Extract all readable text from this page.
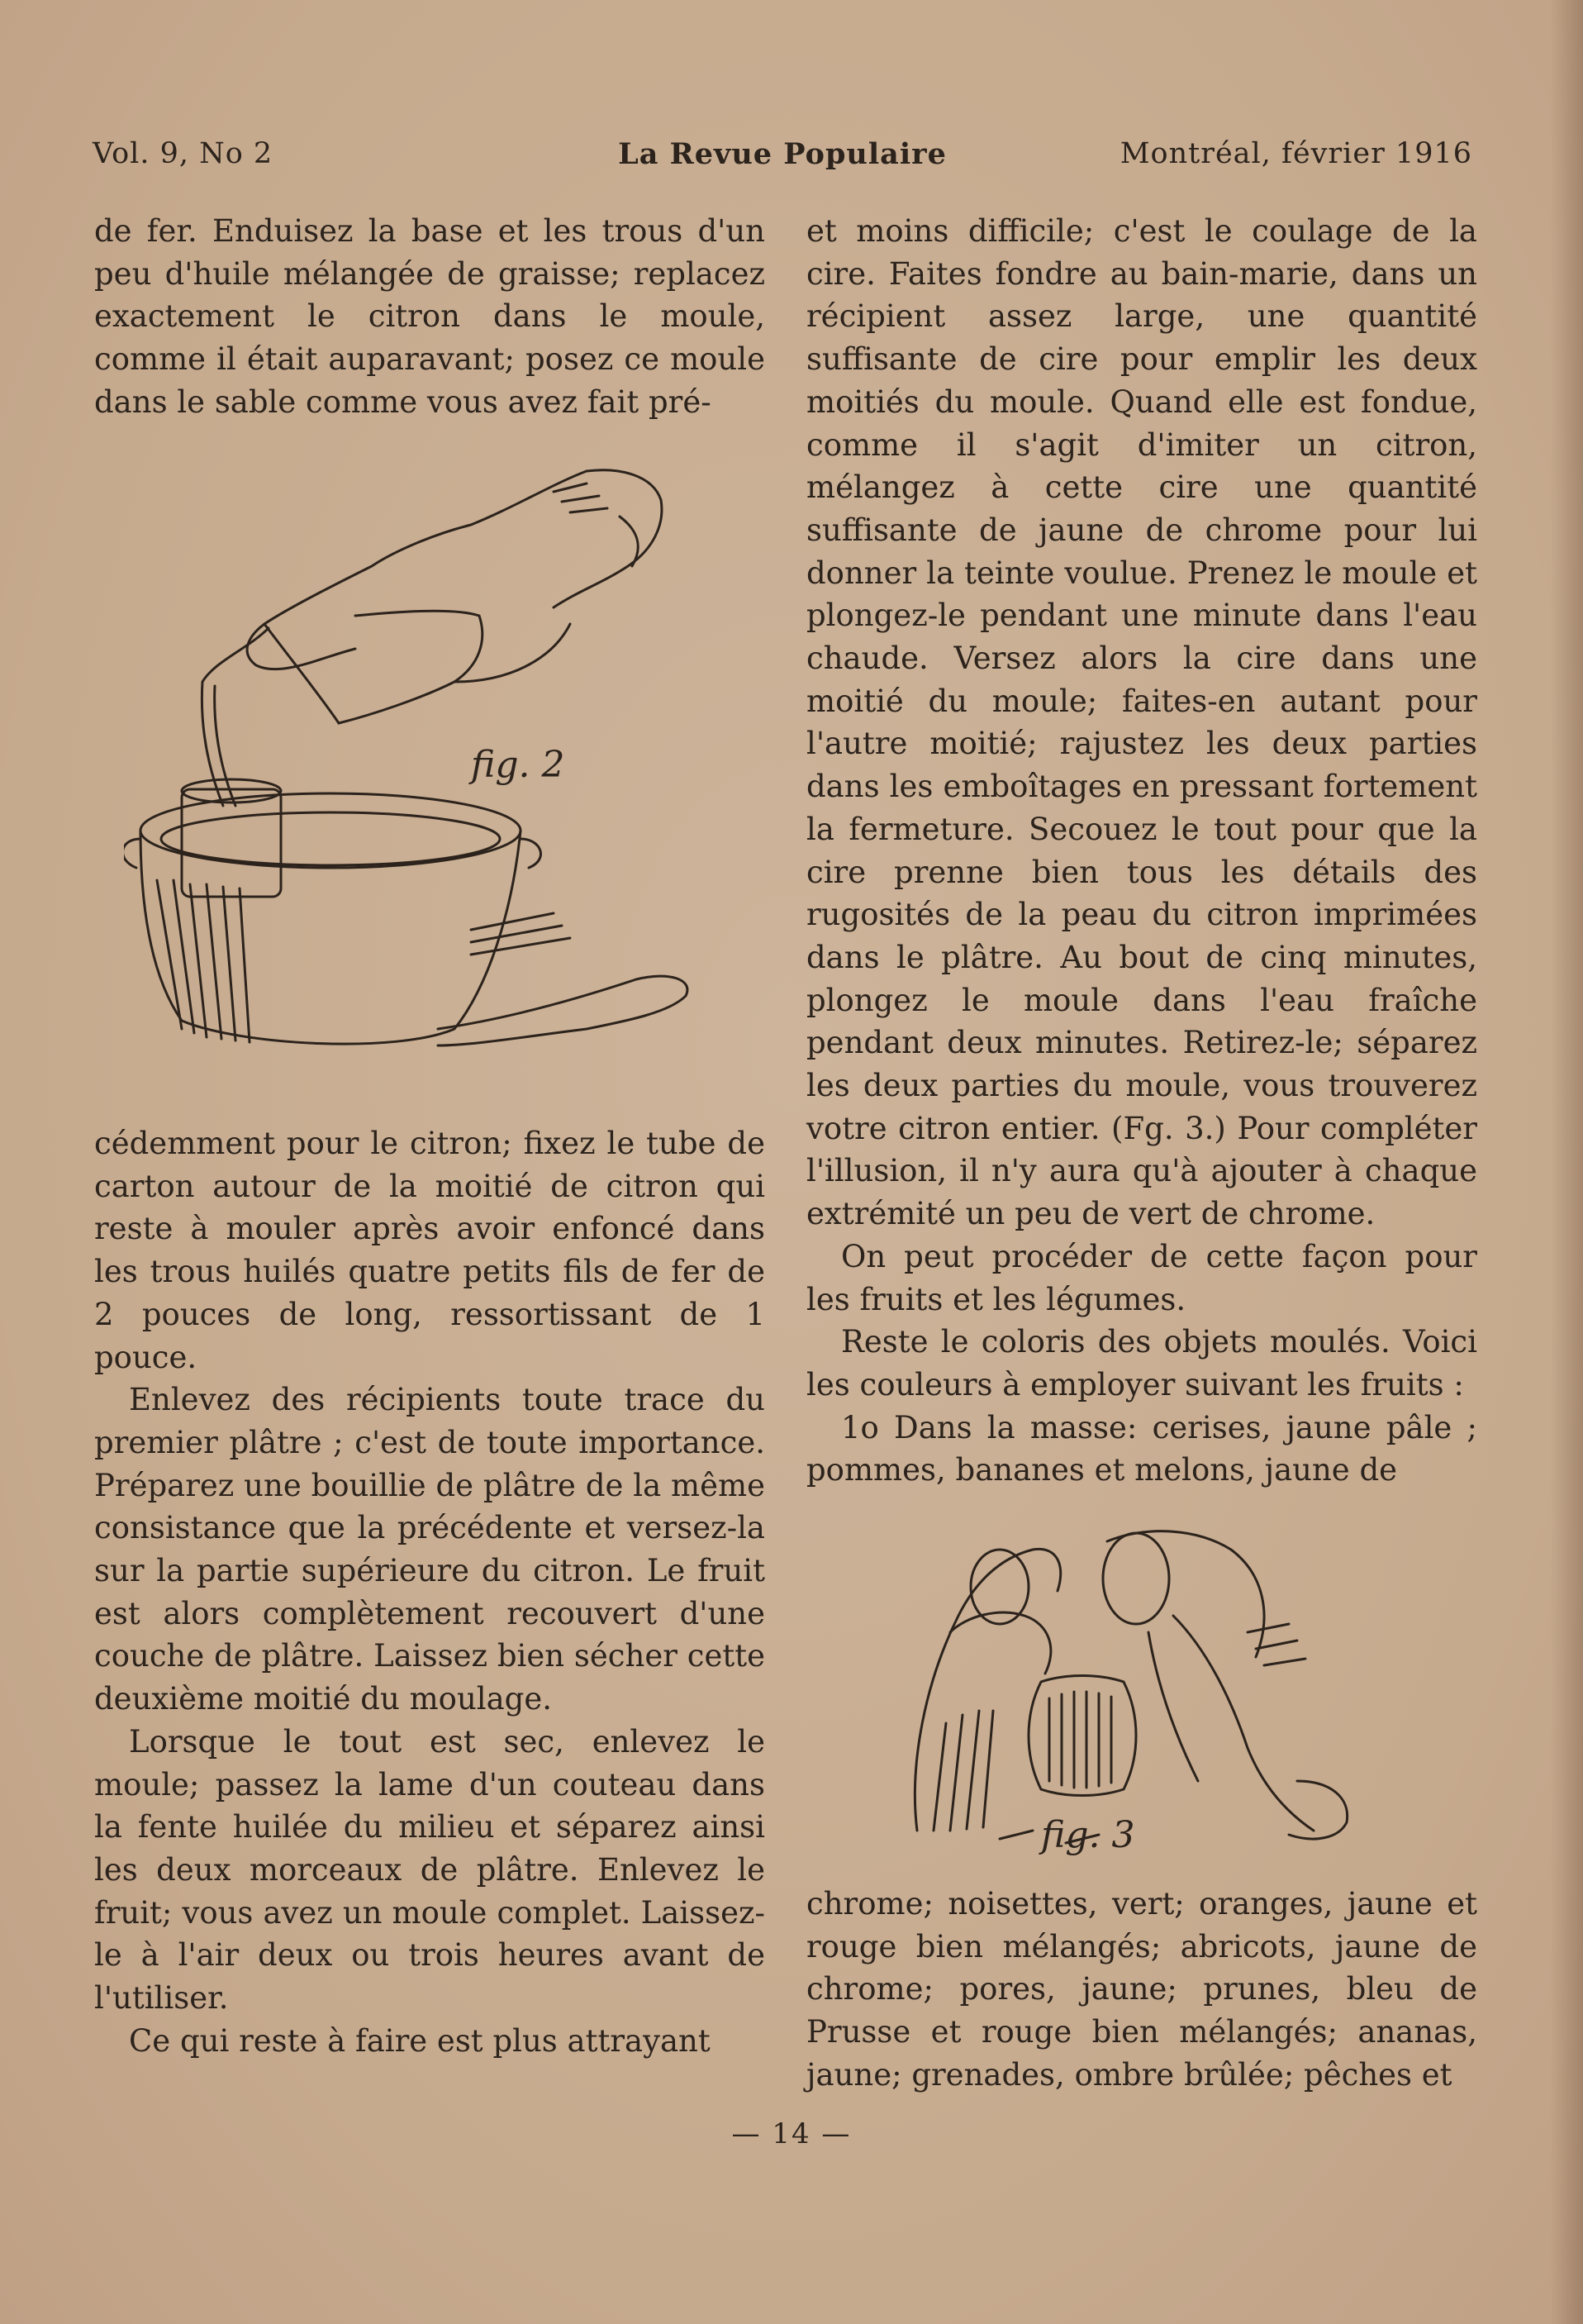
Vol. 9, No 2	La Revue Populaire	Montréal, février 1916

de fer. Enduisez la base et les trous d'un peu d'huile mélangée de graisse; replacez exactement le citron dans le moule, comme il était auparavant; posez ce moule dans le sable comme vous avez fait pré-

fig. 2

cédemment pour le citron; fixez le tube de carton autour de la moitié de citron qui reste à mouler après avoir enfoncé dans les trous huilés quatre petits fils de fer de 2 pouces de long, ressortissant de 1 pouce.

Enlevez des récipients toute trace du premier plâtre ; c'est de toute importance. Préparez une bouillie de plâtre de la même consistance que la précédente et versez-la sur la partie supérieure du citron. Le fruit est alors complètement recouvert d'une couche de plâtre. Laissez bien sécher cette deuxième moitié du moulage.

Lorsque le tout est sec, enlevez le moule; passez la lame d'un couteau dans la fente huilée du milieu et séparez ainsi les deux morceaux de plâtre. Enlevez le fruit; vous avez un moule complet. Laissez-le à l'air deux ou trois heures avant de l'utiliser.

Ce qui reste à faire est plus attrayant

et moins difficile; c'est le coulage de la cire. Faites fondre au bain-marie, dans un récipient assez large, une quantité suffisante de cire pour emplir les deux moitiés du moule. Quand elle est fondue, comme il s'agit d'imiter un citron, mélangez à cette cire une quantité suffisante de jaune de chrome pour lui donner la teinte voulue. Prenez le moule et plongez-le pendant une minute dans l'eau chaude. Versez alors la cire dans une moitié du moule; faites-en autant pour l'autre moitié; rajustez les deux parties dans les emboîtages en pressant fortement la fermeture. Secouez le tout pour que la cire prenne bien tous les détails des rugosités de la peau du citron imprimées dans le plâtre. Au bout de cinq minutes, plongez le moule dans l'eau fraîche pendant deux minutes. Retirez-le; séparez les deux parties du moule, vous trouverez votre citron entier. (Fg. 3.) Pour compléter l'illusion, il n'y aura qu'à ajouter à chaque extrémité un peu de vert de chrome.

On peut procéder de cette façon pour les fruits et les légumes.

Reste le coloris des objets moulés. Voici les couleurs à employer suivant les fruits :

1o Dans la masse: cerises, jaune pâle ; pommes, bananes et melons, jaune de

fig. 3

chrome; noisettes, vert; oranges, jaune et rouge bien mélangés; abricots, jaune de chrome; pores, jaune; prunes, bleu de Prusse et rouge bien mélangés; ananas, jaune; grenades, ombre brûlée; pêches et

— 14 —
